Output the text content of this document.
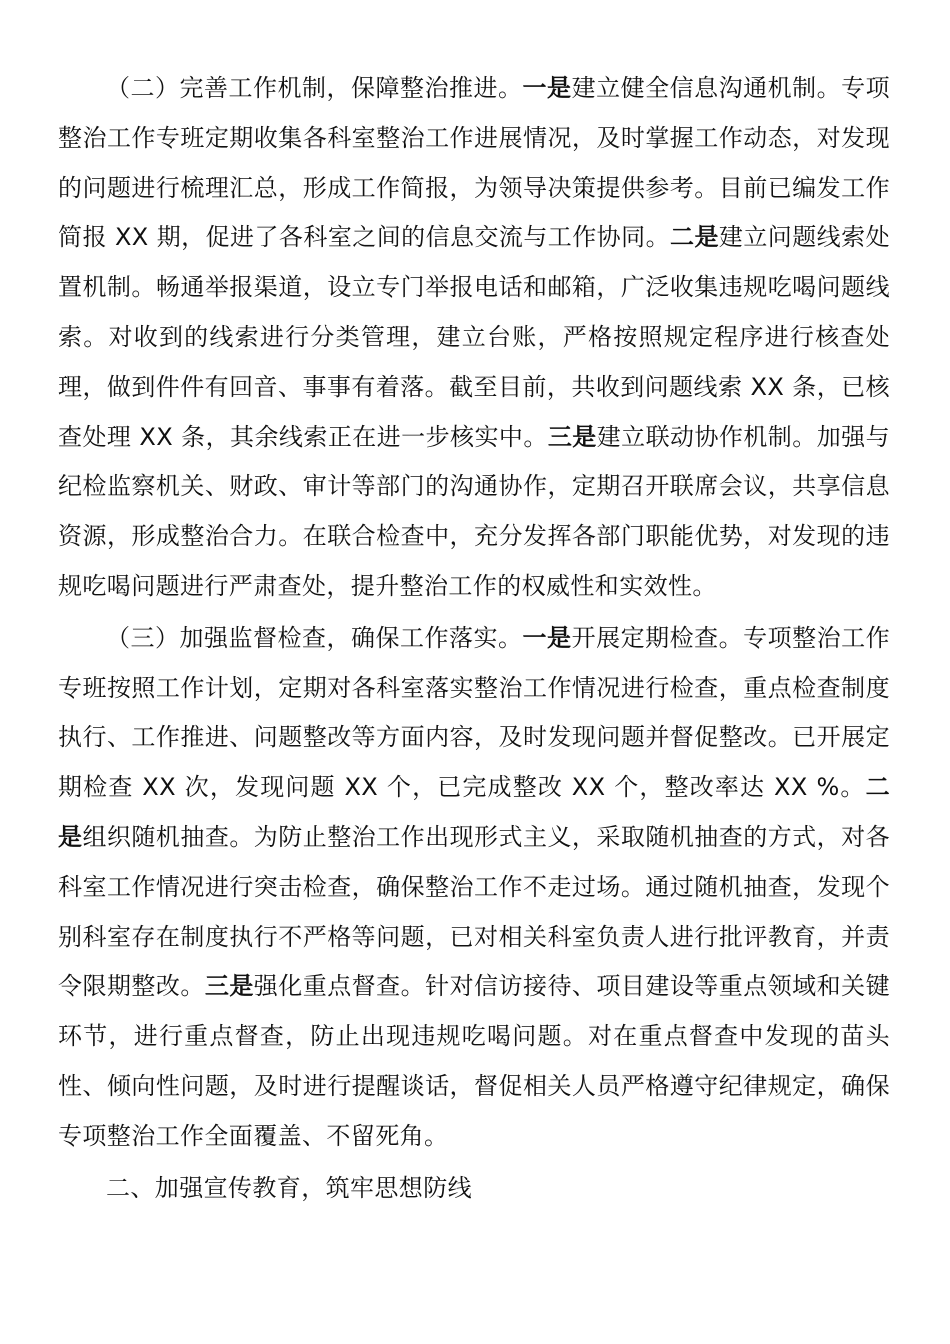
（二）完善工作机制，保障整治推进。一是建立健全信息沟通机制。专项整治工作专班定期收集各科室整治工作进展情况，及时掌握工作动态，对发现的问题进行梳理汇总，形成工作简报，为领导决策提供参考。目前已编发工作简报 XX 期，促进了各科室之间的信息交流与工作协同。二是建立问题线索处置机制。畅通举报渠道，设立专门举报电话和邮箱，广泛收集违规吃喝问题线索。对收到的线索进行分类管理，建立台账，严格按照规定程序进行核查处理，做到件件有回音、事事有着落。截至目前，共收到问题线索 XX 条，已核查处理 XX 条，其余线索正在进一步核实中。三是建立联动协作机制。加强与纪检监察机关、财政、审计等部门的沟通协作，定期召开联席会议，共享信息资源，形成整治合力。在联合检查中，充分发挥各部门职能优势，对发现的违规吃喝问题进行严肃查处，提升整治工作的权威性和实效性。

（三）加强监督检查，确保工作落实。一是开展定期检查。专项整治工作专班按照工作计划，定期对各科室落实整治工作情况进行检查，重点检查制度执行、工作推进、问题整改等方面内容，及时发现问题并督促整改。已开展定期检查 XX 次，发现问题 XX 个，已完成整改 XX 个，整改率达 XX %。二是组织随机抽查。为防止整治工作出现形式主义，采取随机抽查的方式，对各科室工作情况进行突击检查，确保整治工作不走过场。通过随机抽查，发现个别科室存在制度执行不严格等问题，已对相关科室负责人进行批评教育，并责令限期整改。三是强化重点督查。针对信访接待、项目建设等重点领域和关键环节，进行重点督查，防止出现违规吃喝问题。对在重点督查中发现的苗头性、倾向性问题，及时进行提醒谈话，督促相关人员严格遵守纪律规定，确保专项整治工作全面覆盖、不留死角。

二、加强宣传教育，筑牢思想防线
